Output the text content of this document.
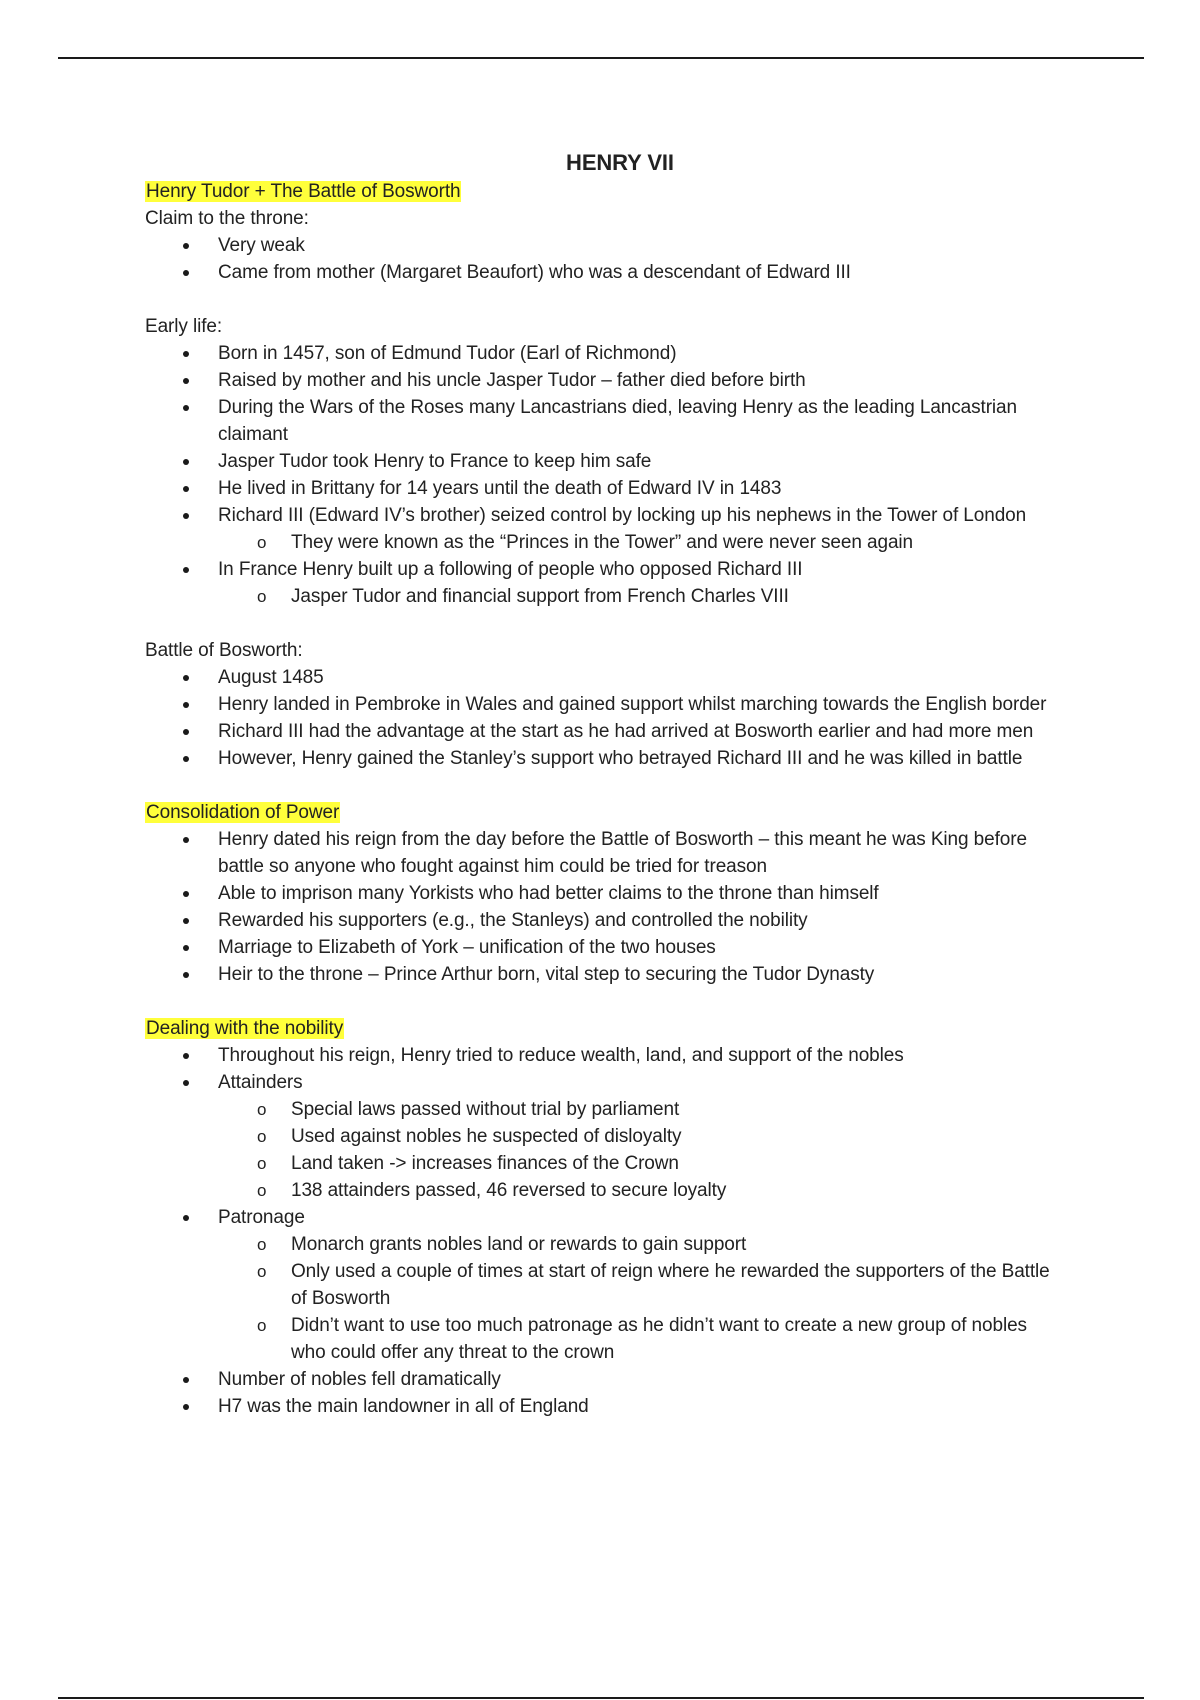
HENRY VII

Henry Tudor + The Battle of Bosworth

Claim to the throne:

Very weak
Came from mother (Margaret Beaufort) who was a descendant of Edward III

Early life:

Born in 1457, son of Edmund Tudor (Earl of Richmond)
Raised by mother and his uncle Jasper Tudor – father died before birth
During the Wars of the Roses many Lancastrians died, leaving Henry as the leading Lancastrian claimant
Jasper Tudor took Henry to France to keep him safe
He lived in Brittany for 14 years until the death of Edward IV in 1483
Richard III (Edward IV’s brother) seized control by locking up his nephews in the Tower of London
o They were known as the “Princes in the Tower” and were never seen again
In France Henry built up a following of people who opposed Richard III
o Jasper Tudor and financial support from French Charles VIII

Battle of Bosworth:

August 1485
Henry landed in Pembroke in Wales and gained support whilst marching towards the English border
Richard III had the advantage at the start as he had arrived at Bosworth earlier and had more men
However, Henry gained the Stanley’s support who betrayed Richard III and he was killed in battle

Consolidation of Power

Henry dated his reign from the day before the Battle of Bosworth – this meant he was King before battle so anyone who fought against him could be tried for treason
Able to imprison many Yorkists who had better claims to the throne than himself
Rewarded his supporters (e.g., the Stanleys) and controlled the nobility
Marriage to Elizabeth of York – unification of the two houses
Heir to the throne – Prince Arthur born, vital step to securing the Tudor Dynasty

Dealing with the nobility

Throughout his reign, Henry tried to reduce wealth, land, and support of the nobles
Attainders
o Special laws passed without trial by parliament
o Used against nobles he suspected of disloyalty
o Land taken -> increases finances of the Crown
o 138 attainders passed, 46 reversed to secure loyalty
Patronage
o Monarch grants nobles land or rewards to gain support
o Only used a couple of times at start of reign where he rewarded the supporters of the Battle of Bosworth
o Didn’t want to use too much patronage as he didn’t want to create a new group of nobles who could offer any threat to the crown
Number of nobles fell dramatically
H7 was the main landowner in all of England
